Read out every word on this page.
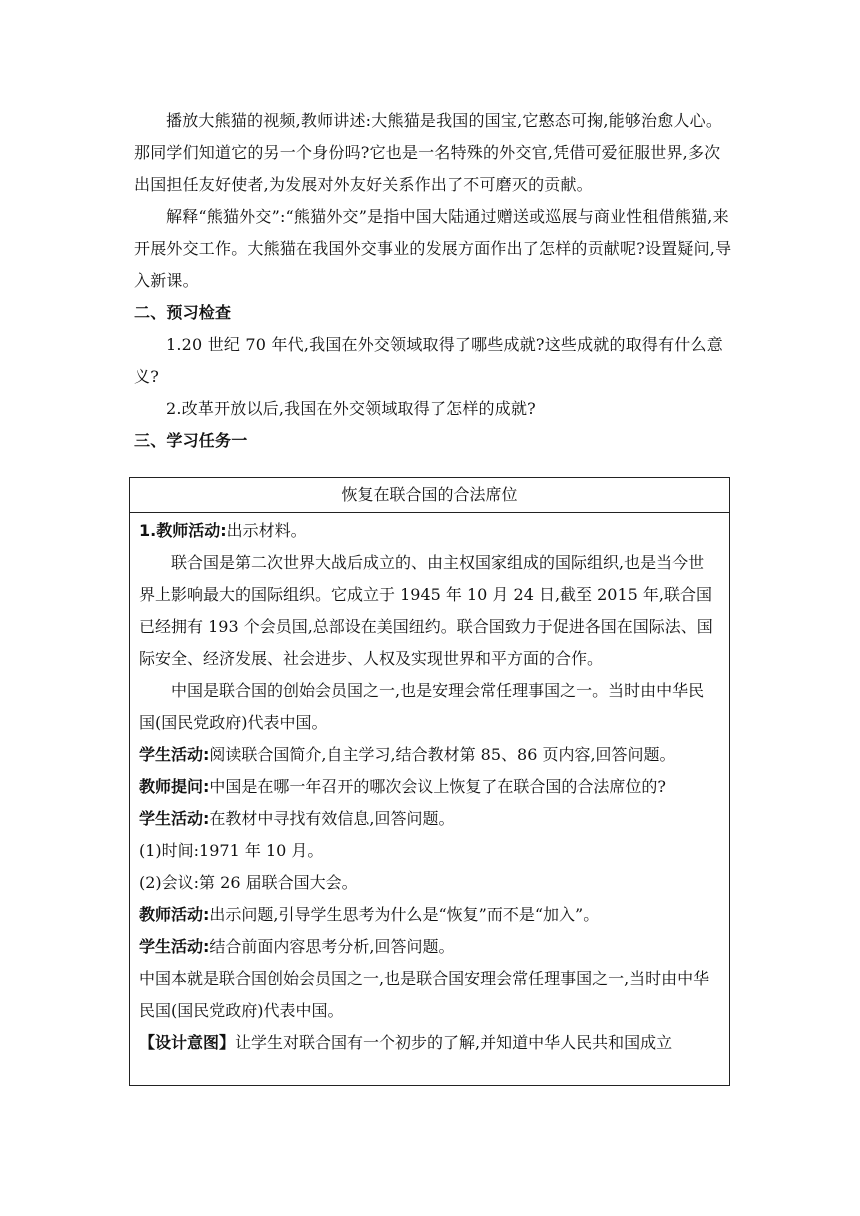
播放大熊猫的视频,教师讲述:大熊猫是我国的国宝,它憨态可掬,能够治愈人心。那同学们知道它的另一个身份吗?它也是一名特殊的外交官,凭借可爱征服世界,多次出国担任友好使者,为发展对外友好关系作出了不可磨灭的贡献。

解释“熊猫外交”:“熊猫外交”是指中国大陆通过赠送或巡展与商业性租借熊猫,来开展外交工作。大熊猫在我国外交事业的发展方面作出了怎样的贡献呢?设置疑问,导入新课。

二、预习检查

1.20 世纪 70 年代,我国在外交领域取得了哪些成就?这些成就的取得有什么意义?

2.改革开放以后,我国在外交领域取得了怎样的成就?

三、学习任务一

恢复在联合国的合法席位

1.教师活动:出示材料。

联合国是第二次世界大战后成立的、由主权国家组成的国际组织,也是当今世界上影响最大的国际组织。它成立于 1945 年 10 月 24 日,截至 2015 年,联合国已经拥有 193 个会员国,总部设在美国纽约。联合国致力于促进各国在国际法、国际安全、经济发展、社会进步、人权及实现世界和平方面的合作。

中国是联合国的创始会员国之一,也是安理会常任理事国之一。当时由中华民国(国民党政府)代表中国。

学生活动:阅读联合国简介,自主学习,结合教材第 85、86 页内容,回答问题。

教师提问:中国是在哪一年召开的哪次会议上恢复了在联合国的合法席位的?

学生活动:在教材中寻找有效信息,回答问题。

(1)时间:1971 年 10 月。

(2)会议:第 26 届联合国大会。

教师活动:出示问题,引导学生思考为什么是“恢复”而不是“加入”。

学生活动:结合前面内容思考分析,回答问题。

中国本就是联合国创始会员国之一,也是联合国安理会常任理事国之一,当时由中华民国(国民党政府)代表中国。

【设计意图】让学生对联合国有一个初步的了解,并知道中华人民共和国成立
